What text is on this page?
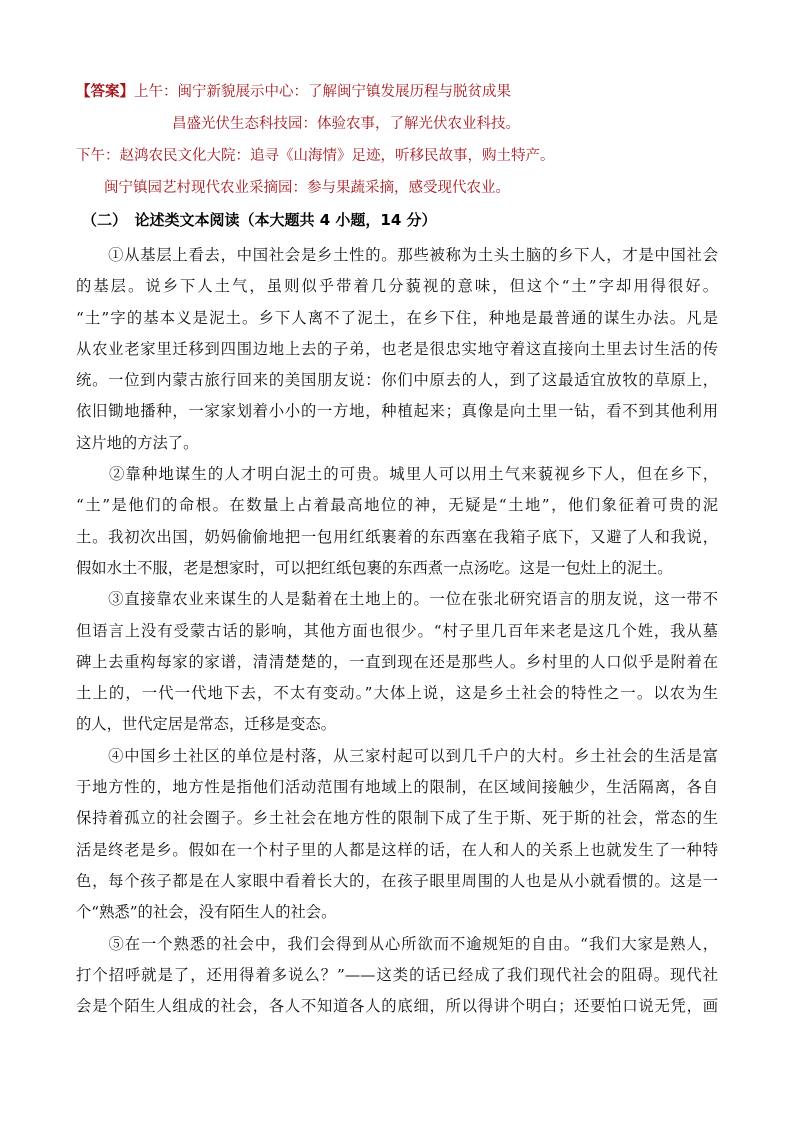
【答案】上午：闽宁新貌展示中心：了解闽宁镇发展历程与脱贫成果
昌盛光伏生态科技园：体验农事，了解光伏农业科技。
下午：赵鸿农民文化大院：追寻《山海情》足迹，听移民故事，购土特产。
闽宁镇园艺村现代农业采摘园：参与果蔬采摘，感受现代农业。
（二）　论述类文本阅读（本大题共 4 小题，14 分）
　　①从基层上看去，中国社会是乡土性的。那些被称为土头土脑的乡下人，才是中国社会
的基层。说乡下人土气，虽则似乎带着几分藐视的意味，但这个“土”字却用得很好。
“土”字的基本义是泥土。乡下人离不了泥土，在乡下住，种地是最普通的谋生办法。凡是
从农业老家里迁移到四围边地上去的子弟，也老是很忠实地守着这直接向土里去讨生活的传
统。一位到内蒙古旅行回来的美国朋友说：你们中原去的人，到了这最适宜放牧的草原上，
依旧锄地播种，一家家划着小小的一方地，种植起来；真像是向土里一钻，看不到其他利用
这片地的方法了。
　　②靠种地谋生的人才明白泥土的可贵。城里人可以用土气来藐视乡下人，但在乡下，
“土”是他们的命根。在数量上占着最高地位的神，无疑是“土地”，他们象征着可贵的泥
土。我初次出国，奶妈偷偷地把一包用红纸裹着的东西塞在我箱子底下，又避了人和我说，
假如水土不服，老是想家时，可以把红纸包裹的东西煮一点汤吃。这是一包灶上的泥土。
　　③直接靠农业来谋生的人是黏着在土地上的。一位在张北研究语言的朋友说，这一带不
但语言上没有受蒙古话的影响，其他方面也很少。“村子里几百年来老是这几个姓，我从墓
碑上去重构每家的家谱，清清楚楚的，一直到现在还是那些人。乡村里的人口似乎是附着在
土上的，一代一代地下去，不太有变动。”大体上说，这是乡土社会的特性之一。以农为生
的人，世代定居是常态，迁移是变态。
　　④中国乡土社区的单位是村落，从三家村起可以到几千户的大村。乡土社会的生活是富
于地方性的，地方性是指他们活动范围有地域上的限制，在区域间接触少，生活隔离，各自
保持着孤立的社会圈子。乡土社会在地方性的限制下成了生于斯、死于斯的社会，常态的生
活是终老是乡。假如在一个村子里的人都是这样的话，在人和人的关系上也就发生了一种特
色，每个孩子都是在人家眼中看着长大的，在孩子眼里周围的人也是从小就看惯的。这是一
个“熟悉”的社会，没有陌生人的社会。
　　⑤在一个熟悉的社会中，我们会得到从心所欲而不逾规矩的自由。“我们大家是熟人，
打个招呼就是了，还用得着多说么？”——这类的话已经成了我们现代社会的阻碍。现代社
会是个陌生人组成的社会，各人不知道各人的底细，所以得讲个明白；还要怕口说无凭，画
